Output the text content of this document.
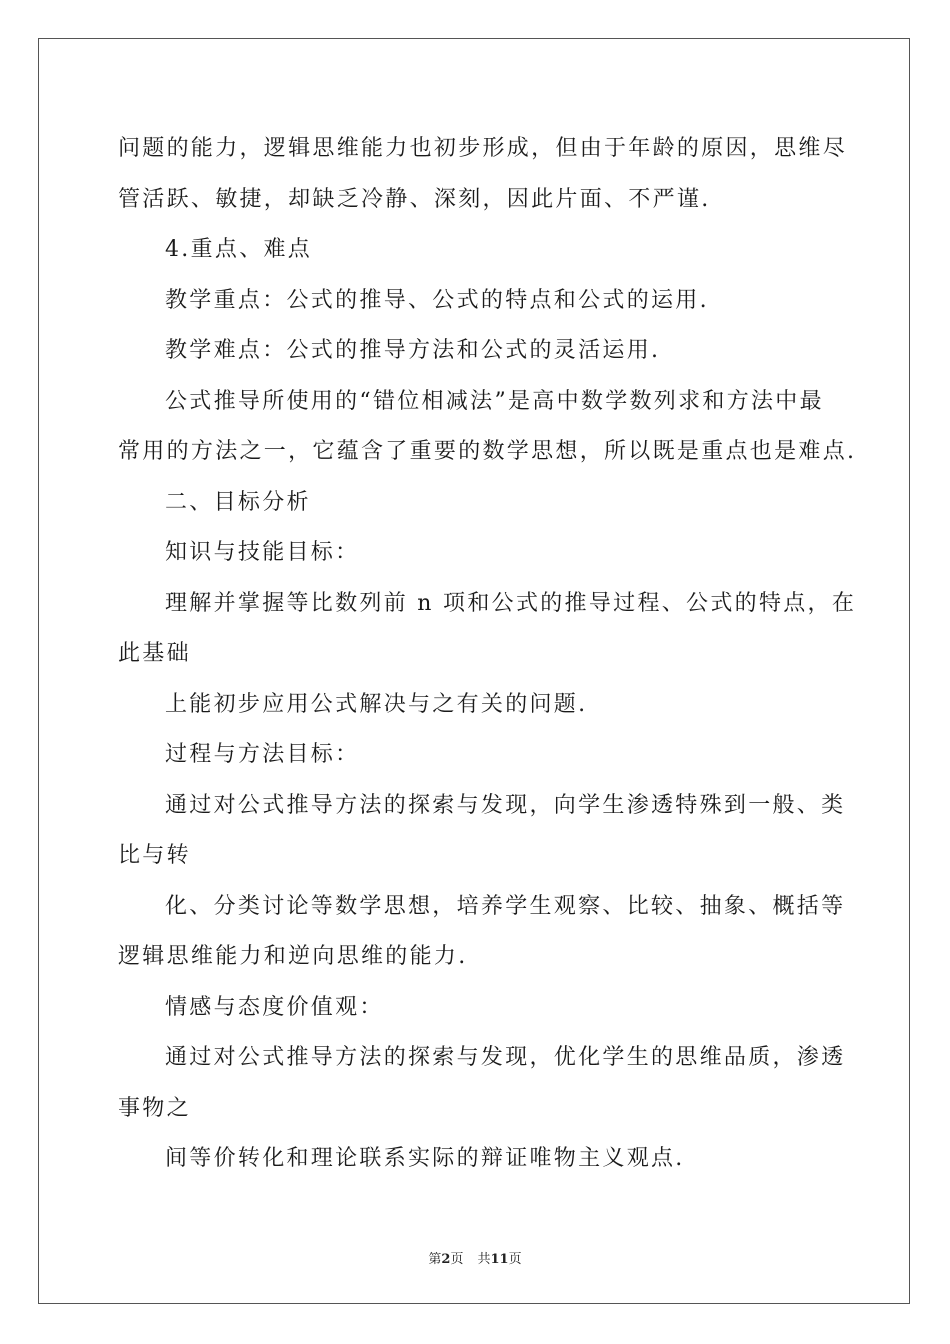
问题的能力，逻辑思维能力也初步形成，但由于年龄的原因，思维尽
管活跃、敏捷，却缺乏冷静、深刻，因此片面、不严谨.
4.重点、难点
教学重点：公式的推导、公式的特点和公式的运用.
教学难点：公式的推导方法和公式的灵活运用.
公式推导所使用的“错位相减法”是高中数学数列求和方法中最
常用的方法之一，它蕴含了重要的数学思想，所以既是重点也是难点.
二、目标分析
知识与技能目标：
理解并掌握等比数列前 n 项和公式的推导过程、公式的特点，在
此基础
上能初步应用公式解决与之有关的问题.
过程与方法目标：
通过对公式推导方法的探索与发现，向学生渗透特殊到一般、类
比与转
化、分类讨论等数学思想，培养学生观察、比较、抽象、概括等
逻辑思维能力和逆向思维的能力.
情感与态度价值观：
通过对公式推导方法的探索与发现，优化学生的思维品质，渗透
事物之
间等价转化和理论联系实际的辩证唯物主义观点.
第2页 共11页
